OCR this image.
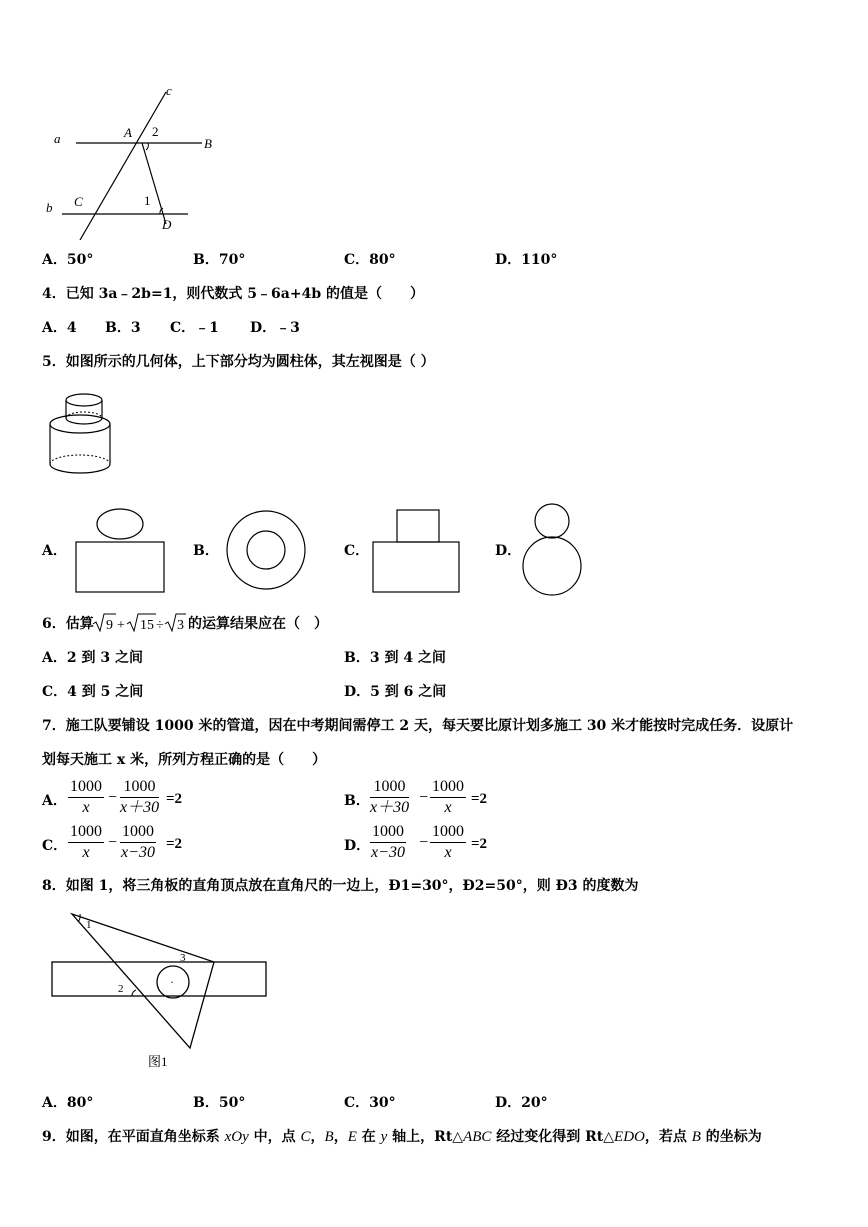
c
a	A 2
B
b C	1
D
A．50°	B．70°	C．80°	D．110°
4．已知 3a﹣2b=1，则代数式 5﹣6a+4b 的值是（　　）
A．4 B．3 C．﹣1 D．﹣3
5．如图所示的几何体，上下部分均为圆柱体，其左视图是（ ）
A．	B．	C．	D．
6．估算 9 + 15 ÷ 3 的运算结果应在（　）
A．2 到 3 之间	B．3 到 4 之间
C．4 到 5 之间	D．5 到 6 之间
7．施工队要铺设 1000 米的管道，因在中考期间需停工 2 天，每天要比原计划多施工 30 米才能按时完成任务．设原计
划每天施工 x 米，所列方程正确的是（　　）
A． $\frac{1000}{x} - \frac{1000}{x+30} =2$	B． $\frac{1000}{x+30} - \frac{1000}{x} =2$
C． $\frac{1000}{x} - \frac{1000}{x-30} =2$	D． $\frac{1000}{x-30} - \frac{1000}{x} =2$
8．如图 1，将三角板的直角顶点放在直角尺的一边上，Ð1=30°，Ð2=50°，则 Ð3 的度数为
·
1
2
3
图1
A．80°	B．50°	C．30°	D．20°
9．如图，在平面直角坐标系 xOy 中，点 C，B，E 在 y 轴上，Rt△ABC 经过变化得到 Rt△EDO，若点 B 的坐标为
